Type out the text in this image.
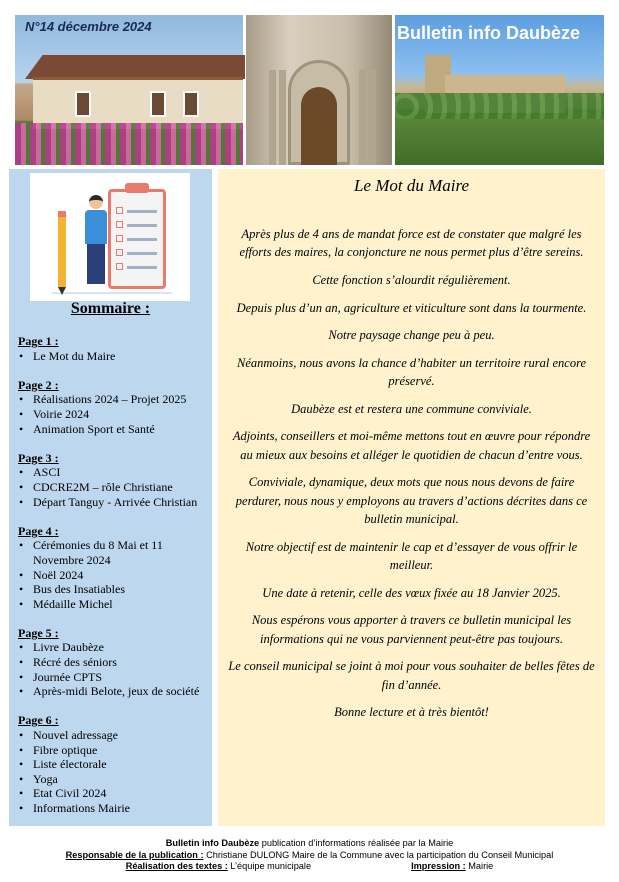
N°14 décembre 2024	Bulletin info Daubèze
Sommaire :
Page 1 :
• Le Mot du Maire
Page 2 :
• Réalisations 2024 – Projet 2025
• Voirie 2024
• Animation Sport et Santé
Page 3 :
• ASCI
• CDCRE2M – rôle Christiane
• Départ Tanguy - Arrivée Christian
Page 4 :
• Cérémonies du 8 Mai et 11 Novembre 2024
• Noël 2024
• Bus des Insatiables
• Médaille Michel
Page 5 :
• Livre Daubèze
• Récré des séniors
• Journée CPTS
• Après-midi Belote, jeux de société
Page 6 :
• Nouvel adressage
• Fibre optique
• Liste électorale
• Yoga
• Etat Civil 2024
• Informations Mairie
Le Mot du Maire

Après plus de 4 ans de mandat force est de constater que malgré les efforts des maires, la conjoncture ne nous permet plus d’être sereins.

Cette fonction s’alourdit régulièrement.

Depuis plus d’un an, agriculture et viticulture sont dans la tourmente.

Notre paysage change peu à peu.

Néanmoins, nous avons la chance d’habiter un territoire rural encore préservé.

Daubèze est et restera une commune conviviale.

Adjoints, conseillers et moi-même mettons tout en œuvre pour répondre au mieux aux besoins et alléger le quotidien de chacun d’entre vous.

Conviviale, dynamique, deux mots que nous nous devons de faire perdurer, nous nous y employons au travers d’actions décrites dans ce bulletin municipal.

Notre objectif est de maintenir le cap et d’essayer de vous offrir le meilleur.

Une date à retenir, celle des vœux fixée au 18 Janvier 2025.

Nous espérons vous apporter à travers ce bulletin municipal les informations qui ne vous parviennent peut-être pas toujours.

Le conseil municipal se joint à moi pour vous souhaiter de belles fêtes de fin d’année.

Bonne lecture et à très bientôt!

Bulletin info Daubèze publication d’informations réalisée par la Mairie
Responsable de la publication : Christiane DULONG Maire de la Commune avec la participation du Conseil Municipal
Réalisation des textes : L’équipe municipale	Impression : Mairie
